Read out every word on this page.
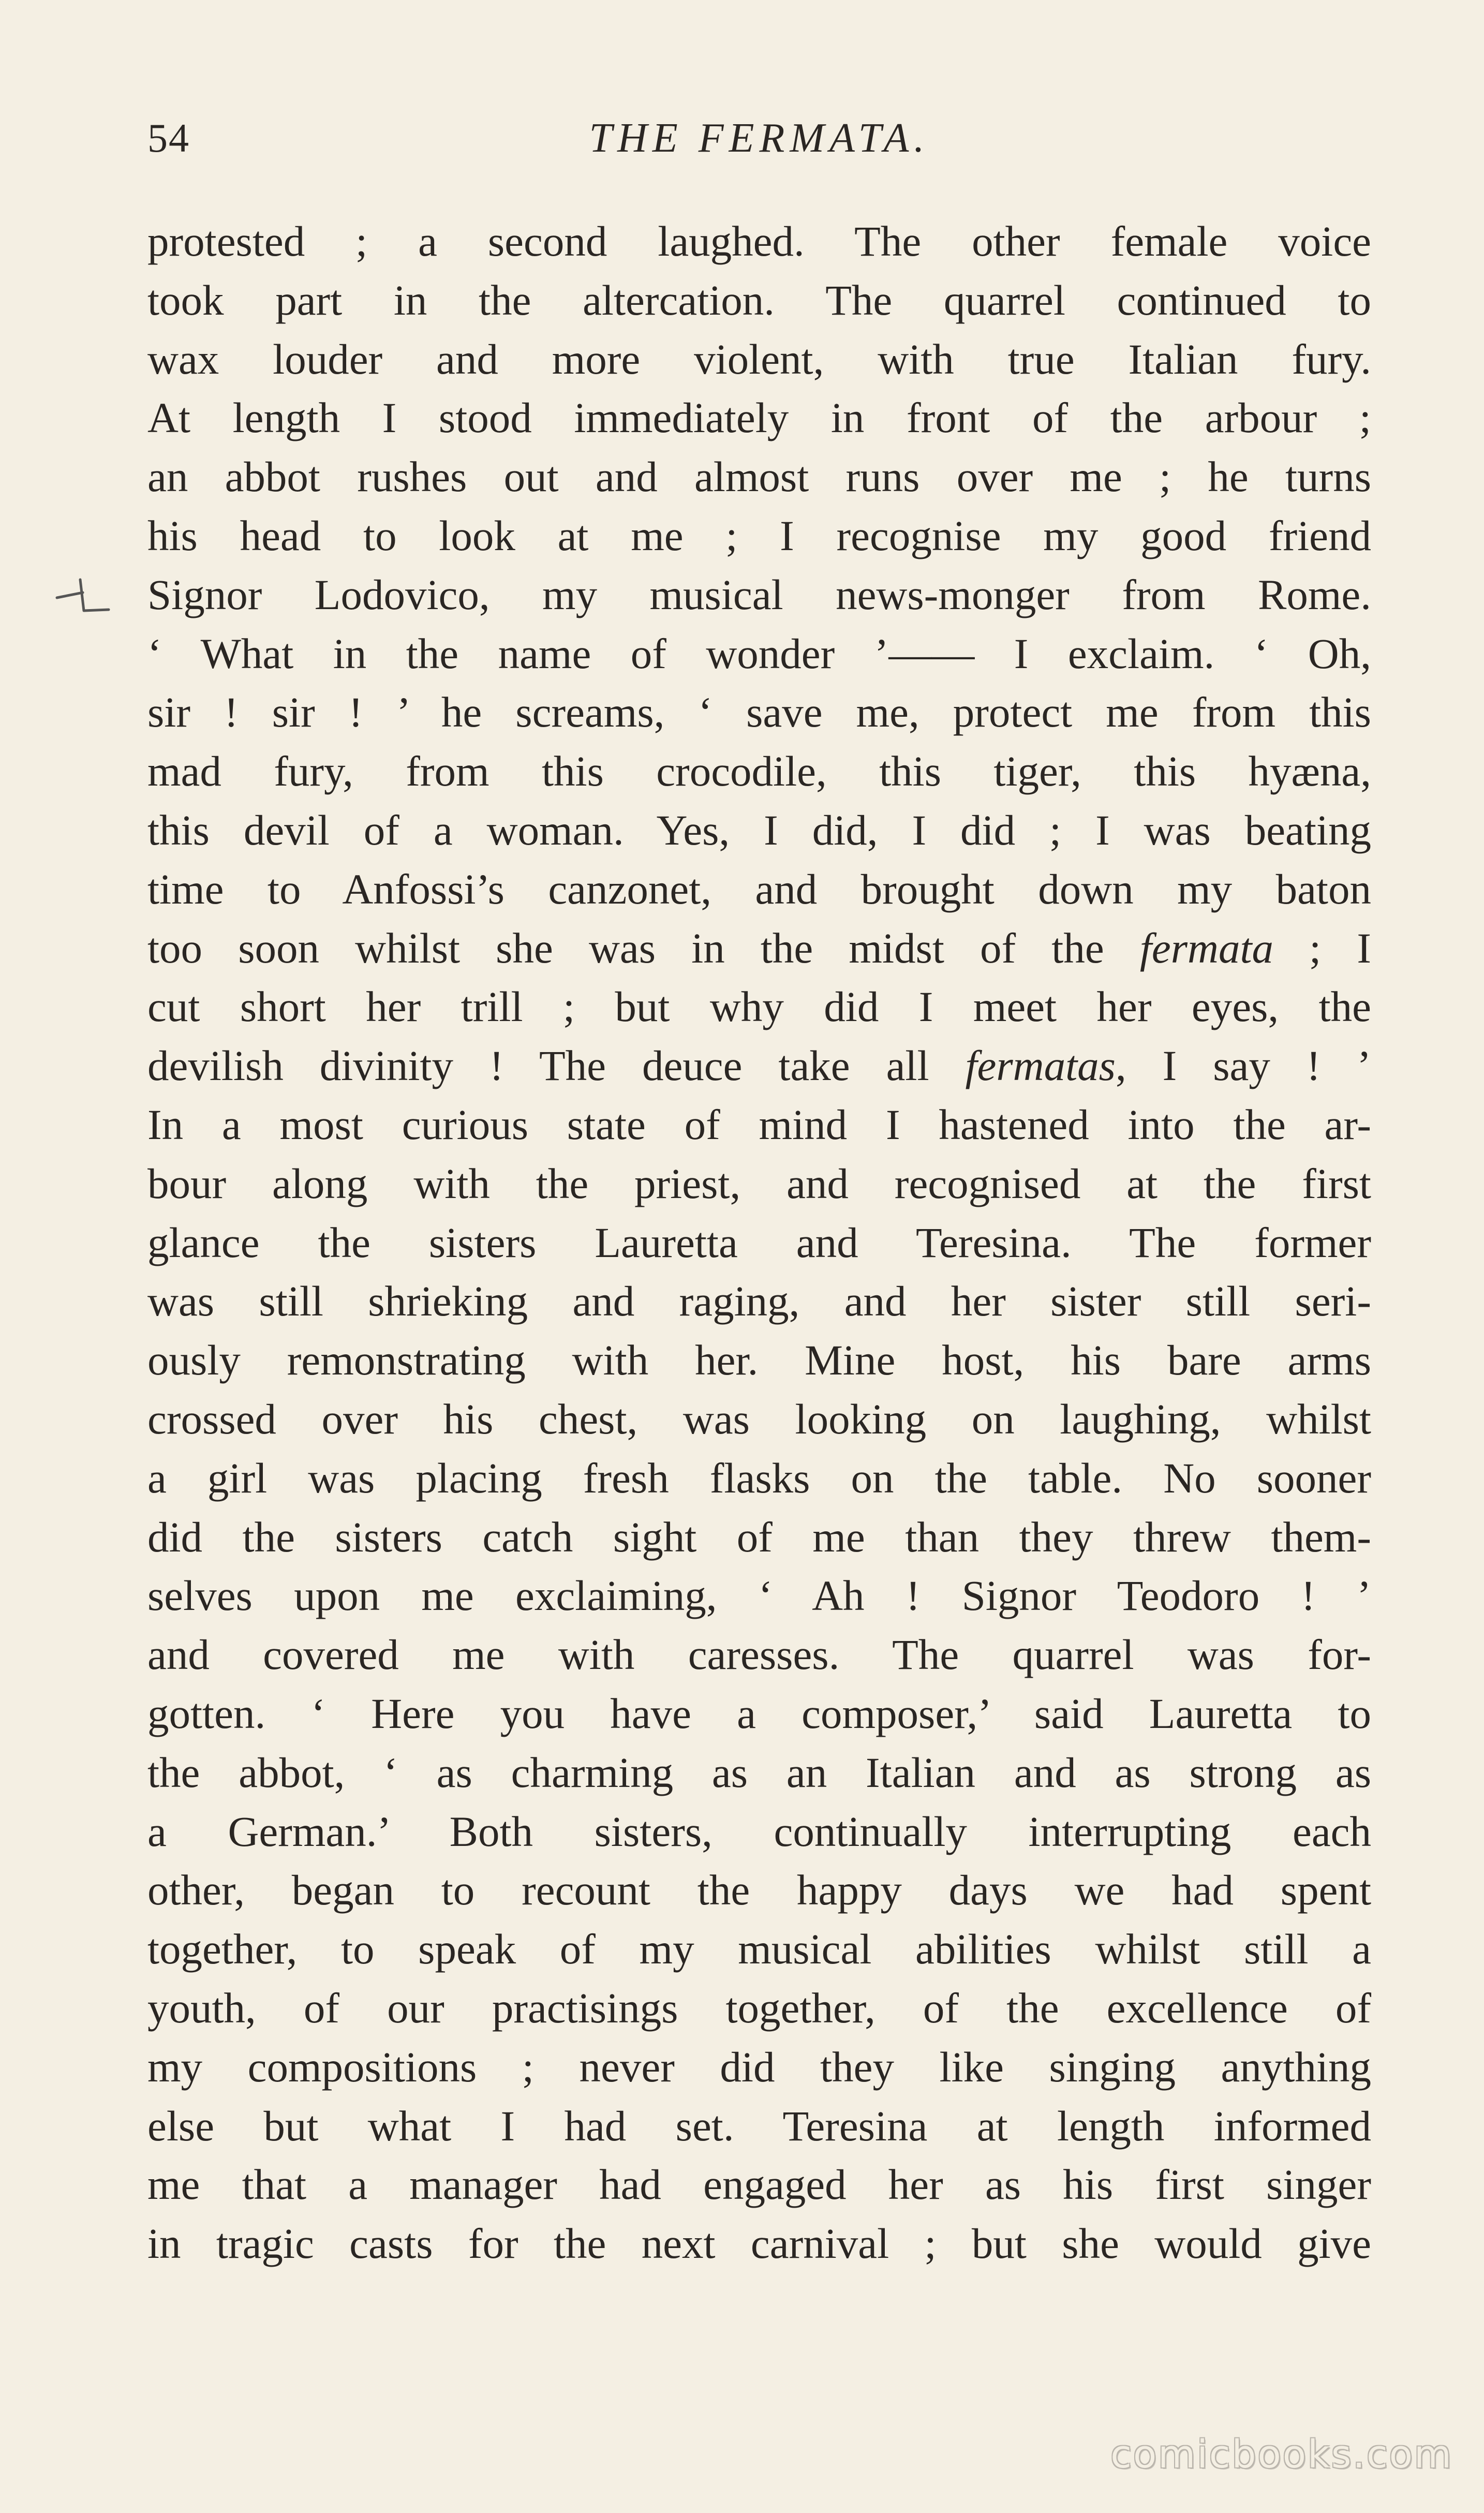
54	THE FERMATA.
protested ; a second laughed. The other female voice
took part in the altercation. The quarrel continued to
wax louder and more violent, with true Italian fury.
At length I stood immediately in front of the arbour ;
an abbot rushes out and almost runs over me ; he turns
his head to look at me ; I recognise my good friend
Signor Lodovico, my musical news-monger from Rome.
‘ What in the name of wonder ’—— I exclaim. ‘ Oh,
sir ! sir ! ’ he screams, ‘ save me, protect me from this
mad fury, from this crocodile, this tiger, this hyæna,
this devil of a woman. Yes, I did, I did ; I was beating
time to Anfossi’s canzonet, and brought down my baton
too soon whilst she was in the midst of the fermata ; I
cut short her trill ; but why did I meet her eyes, the
devilish divinity ! The deuce take all fermatas, I say ! ’
In a most curious state of mind I hastened into the ar-
bour along with the priest, and recognised at the first
glance the sisters Lauretta and Teresina. The former
was still shrieking and raging, and her sister still seri-
ously remonstrating with her. Mine host, his bare arms
crossed over his chest, was looking on laughing, whilst
a girl was placing fresh flasks on the table. No sooner
did the sisters catch sight of me than they threw them-
selves upon me exclaiming, ‘ Ah ! Signor Teodoro ! ’
and covered me with caresses. The quarrel was for-
gotten. ‘ Here you have a composer,’ said Lauretta to
the abbot, ‘ as charming as an Italian and as strong as
a German.’ Both sisters, continually interrupting each
other, began to recount the happy days we had spent
together, to speak of my musical abilities whilst still a
youth, of our practisings together, of the excellence of
my compositions ; never did they like singing anything
else but what I had set. Teresina at length informed
me that a manager had engaged her as his first singer
in tragic casts for the next carnival ; but she would give
comicbooks.com
